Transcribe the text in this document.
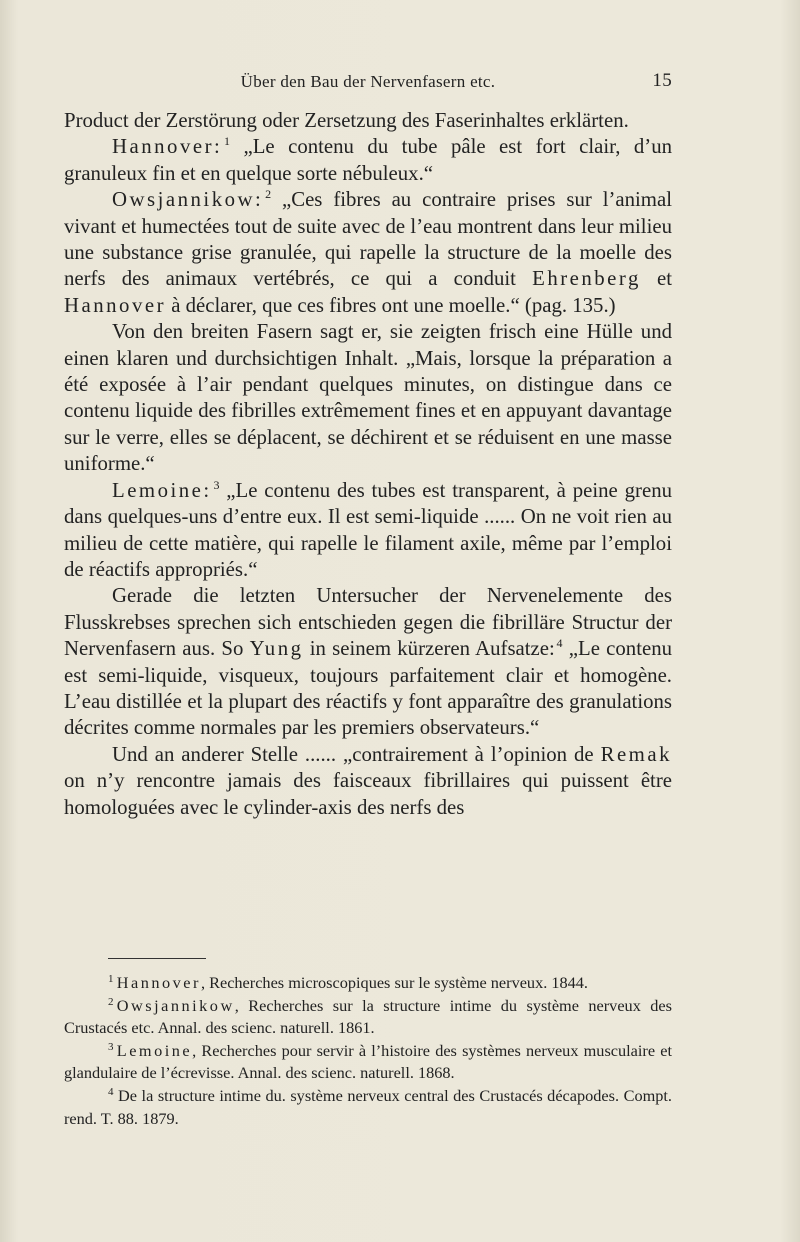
Über den Bau der Nervenfasern etc.	15

Product der Zerstörung oder Zersetzung des Faserinhaltes erklärten.

Hannover:  $^1$ „Le contenu du tube pâle est fort clair, d’un granuleux fin et en quelque sorte nébuleux.“

Owsjannikow:  $^2$ „Ces fibres au contraire prises sur l’animal vivant et humectées tout de suite avec de l’eau montrent dans leur milieu une substance grise granulée, qui rapelle la structure de la moelle des nerfs des animaux vertébrés, ce qui a conduit Ehrenberg et Hannover à déclarer, que ces fibres ont une moelle.“ (pag. 135.)

Von den breiten Fasern sagt er, sie zeigten frisch eine Hülle und einen klaren und durchsichtigen Inhalt. „Mais, lorsque la préparation a été exposée à l’air pendant quelques minutes, on distingue dans ce contenu liquide des fibrilles extrêmement fines et en appuyant davantage sur le verre, elles se déplacent, se déchirent et se réduisent en une masse uniforme.“

Lemoine:  $^3$ „Le contenu des tubes est transparent, à peine grenu dans quelques-uns d’entre eux. Il est semi-liquide ...... On ne voit rien au milieu de cette matière, qui rapelle le filament axile, même par l’emploi de réactifs appropriés.“

Gerade die letzten Untersucher der Nervenelemente des Flusskrebses sprechen sich entschieden gegen die fibrilläre Structur der Nervenfasern aus. So Yung in seinem kürzeren Aufsatze:  $^4$ „Le contenu est semi-liquide, visqueux, toujours parfaitement clair et homogène. L’eau distillée et la plupart des réactifs y font apparaître des granulations décrites comme normales par les premiers observateurs.“

Und an anderer Stelle ...... „contrairement à l’opinion de Remak on n’y rencontre jamais des faisceaux fibrillaires qui puissent être homologuées avec le cylinder-axis des nerfs des

$^1$  Hannover, Recherches microscopiques sur le système nerveux. 1844.

$^2$  Owsjannikow, Recherches sur la structure intime du système nerveux des Crustacés etc. Annal. des scienc. naturell. 1861.

$^3$  Lemoine, Recherches pour servir à l’histoire des systèmes nerveux musculaire et glandulaire de l’écrevisse. Annal. des scienc. naturell. 1868.

$^4$ De la structure intime du. système nerveux central des Crustacés décapodes. Compt. rend. T. 88. 1879.
